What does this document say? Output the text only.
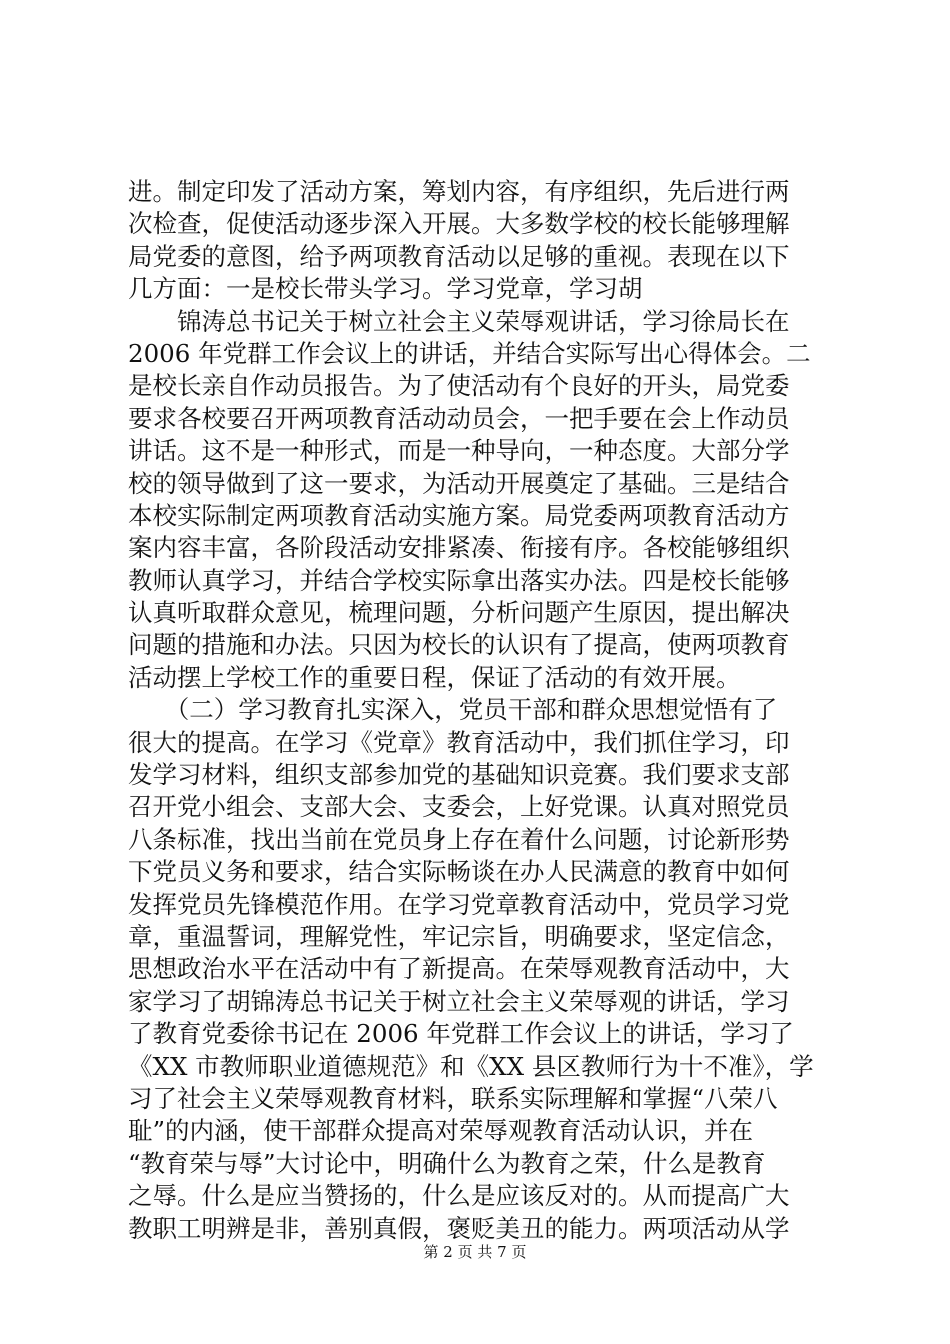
进。制定印发了活动方案，筹划内容，有序组织，先后进行两
次检查，促使活动逐步深入开展。大多数学校的校长能够理解
局党委的意图，给予两项教育活动以足够的重视。表现在以下
几方面：一是校长带头学习。学习党章，学习胡
　　锦涛总书记关于树立社会主义荣辱观讲话，学习徐局长在
2006 年党群工作会议上的讲话，并结合实际写出心得体会。二
是校长亲自作动员报告。为了使活动有个良好的开头，局党委
要求各校要召开两项教育活动动员会，一把手要在会上作动员
讲话。这不是一种形式，而是一种导向，一种态度。大部分学
校的领导做到了这一要求，为活动开展奠定了基础。三是结合
本校实际制定两项教育活动实施方案。局党委两项教育活动方
案内容丰富，各阶段活动安排紧凑、衔接有序。各校能够组织
教师认真学习，并结合学校实际拿出落实办法。四是校长能够
认真听取群众意见，梳理问题，分析问题产生原因，提出解决
问题的措施和办法。只因为校长的认识有了提高，使两项教育
活动摆上学校工作的重要日程，保证了活动的有效开展。
　　（二）学习教育扎实深入，党员干部和群众思想觉悟有了
很大的提高。在学习《党章》教育活动中，我们抓住学习，印
发学习材料，组织支部参加党的基础知识竞赛。我们要求支部
召开党小组会、支部大会、支委会，上好党课。认真对照党员
八条标准，找出当前在党员身上存在着什么问题，讨论新形势
下党员义务和要求，结合实际畅谈在办人民满意的教育中如何
发挥党员先锋模范作用。在学习党章教育活动中，党员学习党
章，重温誓词，理解党性，牢记宗旨，明确要求，坚定信念，
思想政治水平在活动中有了新提高。在荣辱观教育活动中，大
家学习了胡锦涛总书记关于树立社会主义荣辱观的讲话，学习
了教育党委徐书记在 2006 年党群工作会议上的讲话，学习了
《XX 市教师职业道德规范》和《XX 县区教师行为十不准》，学
习了社会主义荣辱观教育材料，联系实际理解和掌握“八荣八
耻”的内涵，使干部群众提高对荣辱观教育活动认识，并在
“教育荣与辱”大讨论中，明确什么为教育之荣，什么是教育
之辱。什么是应当赞扬的，什么是应该反对的。从而提高广大
教职工明辨是非，善别真假，褒贬美丑的能力。两项活动从学
第 2 页 共 7 页
